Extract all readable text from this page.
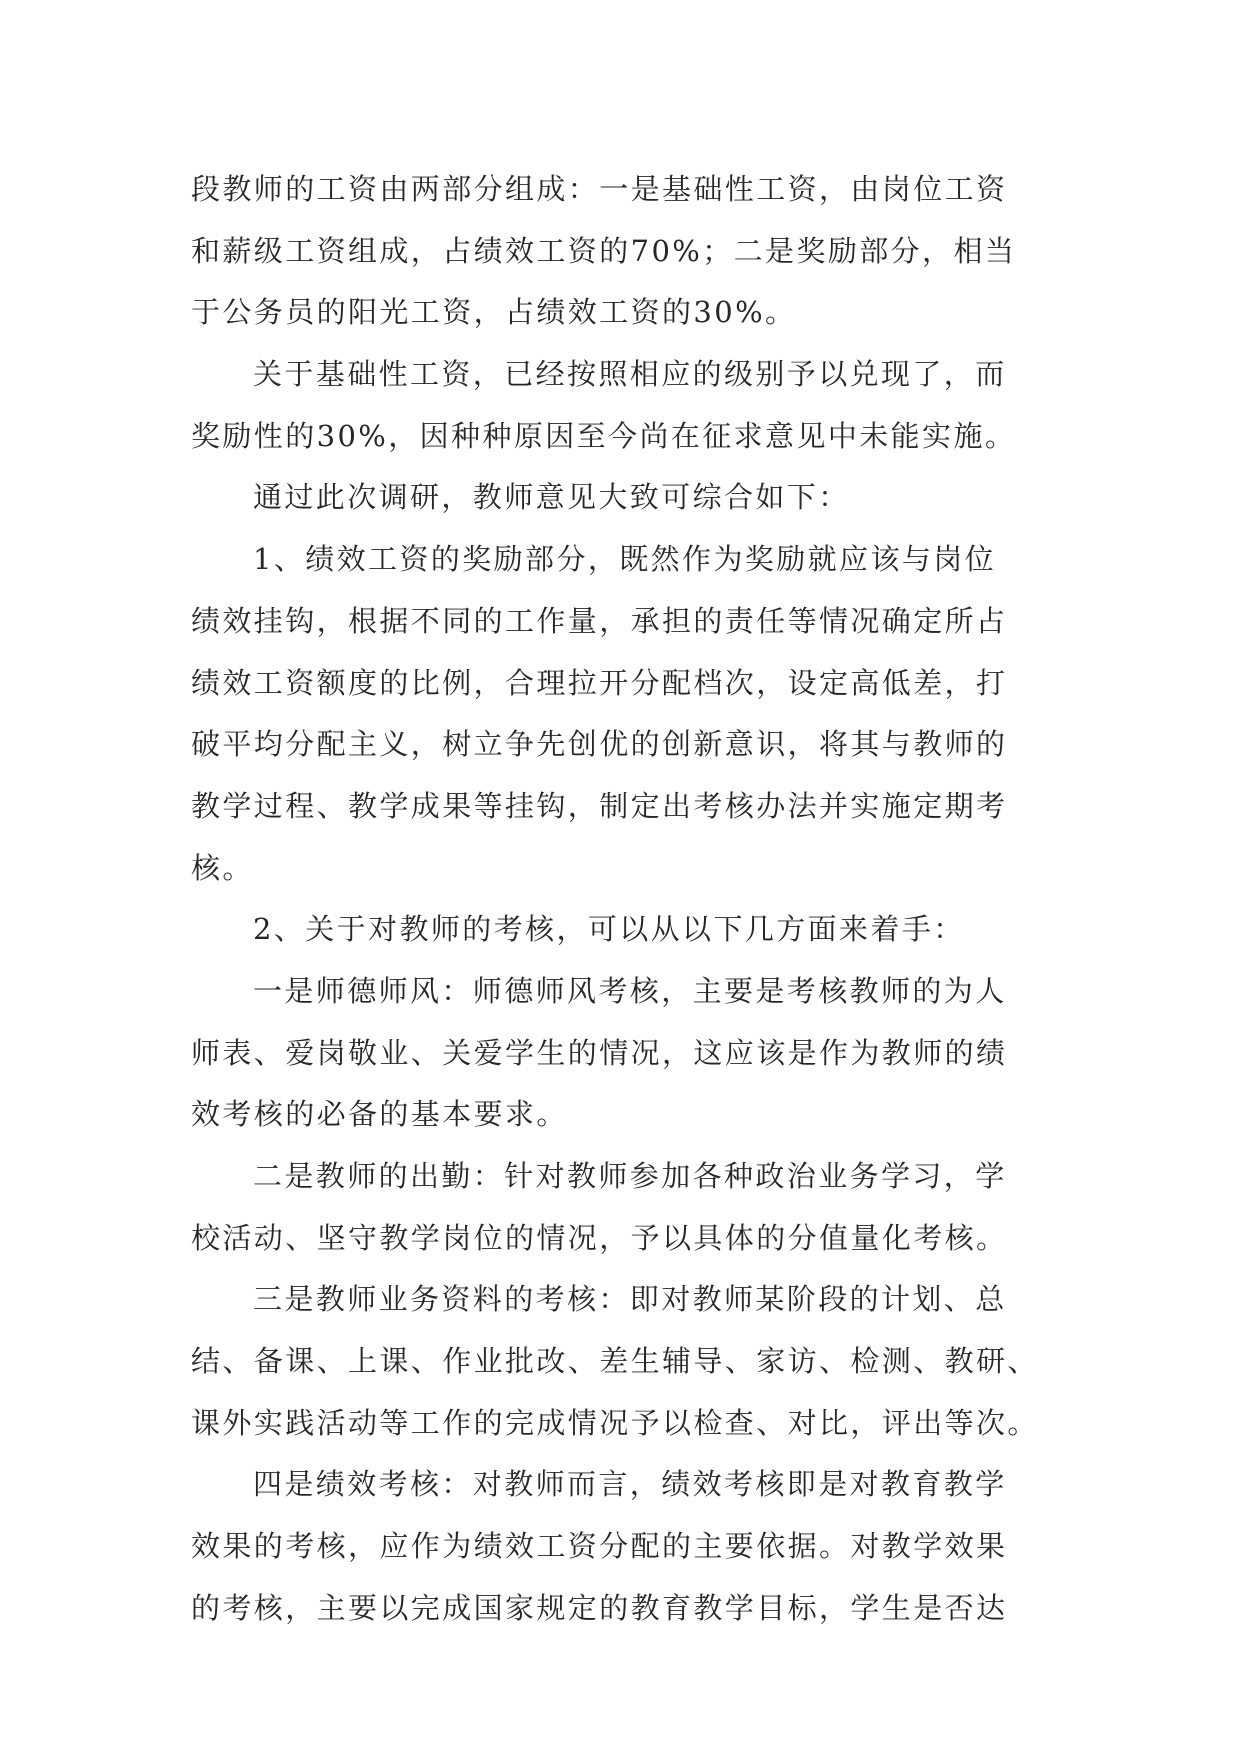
段教师的工资由两部分组成：一是基础性工资，由岗位工资
和薪级工资组成，占绩效工资的70%；二是奖励部分，相当
于公务员的阳光工资，占绩效工资的30%。
关于基础性工资，已经按照相应的级别予以兑现了，而
奖励性的30%，因种种原因至今尚在征求意见中未能实施。
通过此次调研，教师意见大致可综合如下：
1、绩效工资的奖励部分，既然作为奖励就应该与岗位
绩效挂钩，根据不同的工作量，承担的责任等情况确定所占
绩效工资额度的比例，合理拉开分配档次，设定高低差，打
破平均分配主义，树立争先创优的创新意识，将其与教师的
教学过程、教学成果等挂钩，制定出考核办法并实施定期考
核。
2、关于对教师的考核，可以从以下几方面来着手：
一是师德师风：师德师风考核，主要是考核教师的为人
师表、爱岗敬业、关爱学生的情况，这应该是作为教师的绩
效考核的必备的基本要求。
二是教师的出勤：针对教师参加各种政治业务学习，学
校活动、坚守教学岗位的情况，予以具体的分值量化考核。
三是教师业务资料的考核：即对教师某阶段的计划、总
结、备课、上课、作业批改、差生辅导、家访、检测、教研、
课外实践活动等工作的完成情况予以检查、对比，评出等次。
四是绩效考核：对教师而言，绩效考核即是对教育教学
效果的考核，应作为绩效工资分配的主要依据。对教学效果
的考核，主要以完成国家规定的教育教学目标，学生是否达
